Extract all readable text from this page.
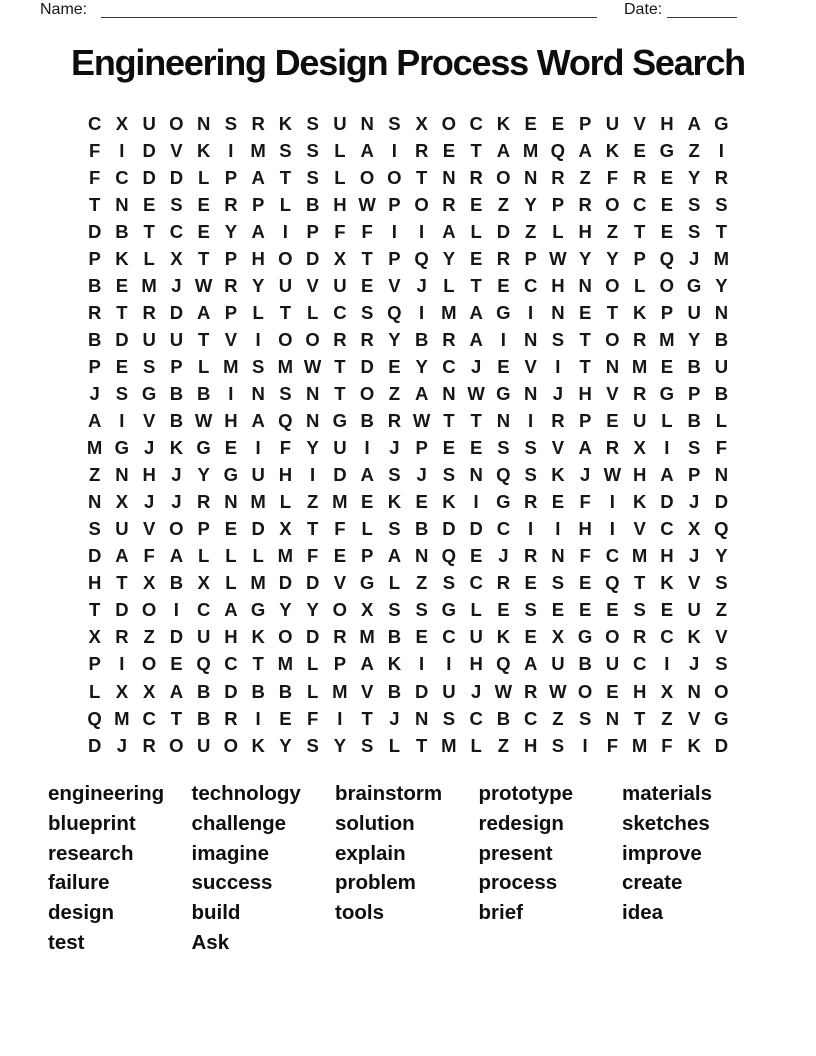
Name:	Date:
Engineering Design Process Word Search
C X U O N S R K S U N S X O C K E E P U V H A G
F	I D V K I M S S L A I R E T A M Q A K E G Z	I
F C D D L P A T S L O O T N R O N R Z F R E Y R
T N E S E R P L B H W P O R E Z Y P R O C E S S
D B T C E Y A I	P F F	I	I A L D Z L H Z T E S T
P K L X T P H O D X T P Q Y E R P W Y Y P Q J M
B E M J W R Y U V U E V J L T E C H N O L O G Y
R T R D A P L T L C S Q I M A G I N E T K P U N
B D U U T V	I O O R R Y B R A I N S T O R M Y B
P E S P L M S M W T D E Y C J E V	I	T N M E B U
J S G B B I N S N T O Z A N W G N J H V R G P B
A I	V B W H A Q N G B R W T T N I R P E U L B L
M G J K G E	I	F Y U I	J P E E S S V A R X	I	S F
Z N H J Y G U H I D A S J S N Q S K J W H A P N
N X J J R N M L Z M E K E K I G R E F	I K D J D
S U V O P E D X T F L S B D D C I	I H I	V C X Q
D A F A L L L M F E P A N Q E J R N F C M H J Y
H T X B X L M D D V G L Z S C R E S E Q T K V S
T D O I C A G Y Y O X S S G L E S E E E S E U Z
X R Z D U H K O D R M B E C U K E X G O R C K V
P	I O E Q C T M L P A K I	I H Q A U B U C I	J S
L X X A B D B B L M V B D U J W R W O E H X N O
Q M C T B R I	E F	I	T J N S C B C Z S N T Z V G
D J R O U O K Y S Y S L T M L Z H S	I	F M F K D
engineering
blueprint
research
failure
design
test
technology
challenge
imagine
success
build
Ask
brainstorm
solution
explain
problem
tools
prototype
redesign
present
process
brief
materials
sketches
improve
create
idea
